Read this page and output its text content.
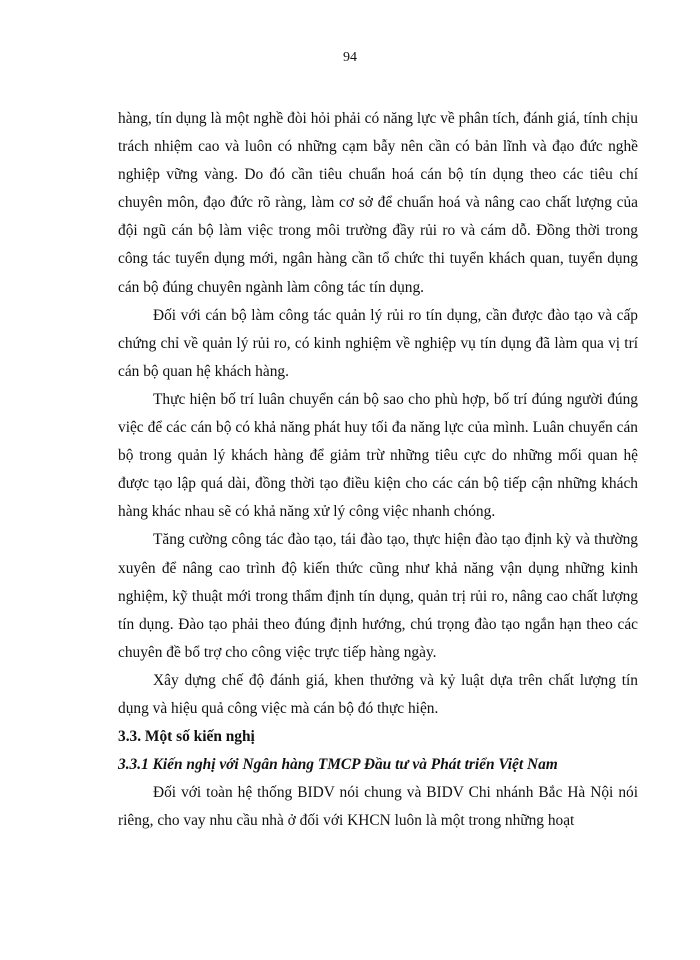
94

hàng, tín dụng là một nghề đòi hỏi phải có năng lực về phân tích, đánh giá, tính chịu trách nhiệm cao và luôn có những cạm bẫy nên cần có bản lĩnh và đạo đức nghề nghiệp vững vàng. Do đó cần tiêu chuẩn hoá cán bộ tín dụng theo các tiêu chí chuyên môn, đạo đức rõ ràng, làm cơ sở để chuẩn hoá và nâng cao chất lượng của đội ngũ cán bộ làm việc trong môi trường đầy rủi ro và cám dỗ. Đồng thời trong công tác tuyển dụng mới, ngân hàng cần tổ chức thi tuyển khách quan, tuyển dụng cán bộ đúng chuyên ngành làm công tác tín dụng.

Đối với cán bộ làm công tác quản lý rủi ro tín dụng, cần được đào tạo và cấp chứng chỉ về quản lý rủi ro, có kinh nghiệm về nghiệp vụ tín dụng đã làm qua vị trí cán bộ quan hệ khách hàng.

Thực hiện bố trí luân chuyển cán bộ sao cho phù hợp, bố trí đúng người đúng việc để các cán bộ có khả năng phát huy tối đa năng lực của mình. Luân chuyển cán bộ trong quản lý khách hàng để giảm trừ những tiêu cực do những mối quan hệ được tạo lập quá dài, đồng thời tạo điều kiện cho các cán bộ tiếp cận những khách hàng khác nhau sẽ có khả năng xử lý công việc nhanh chóng.

Tăng cường công tác đào tạo, tái đào tạo, thực hiện đào tạo định kỳ và thường xuyên để nâng cao trình độ kiến thức cũng như khả năng vận dụng những kinh nghiệm, kỹ thuật mới trong thẩm định tín dụng, quản trị rủi ro, nâng cao chất lượng tín dụng. Đào tạo phải theo đúng định hướng, chú trọng đào tạo ngắn hạn theo các chuyên đề bổ trợ cho công việc trực tiếp hàng ngày.

Xây dựng chế độ đánh giá, khen thưởng và kỷ luật dựa trên chất lượng tín dụng và hiệu quả công việc mà cán bộ đó thực hiện.

3.3. Một số kiến nghị

3.3.1 Kiến nghị với Ngân hàng TMCP Đầu tư và Phát triển Việt Nam

Đối với toàn hệ thống BIDV nói chung và BIDV Chi nhánh Bắc Hà Nội nói riêng, cho vay nhu cầu nhà ở đối với KHCN luôn là một trong những hoạt
